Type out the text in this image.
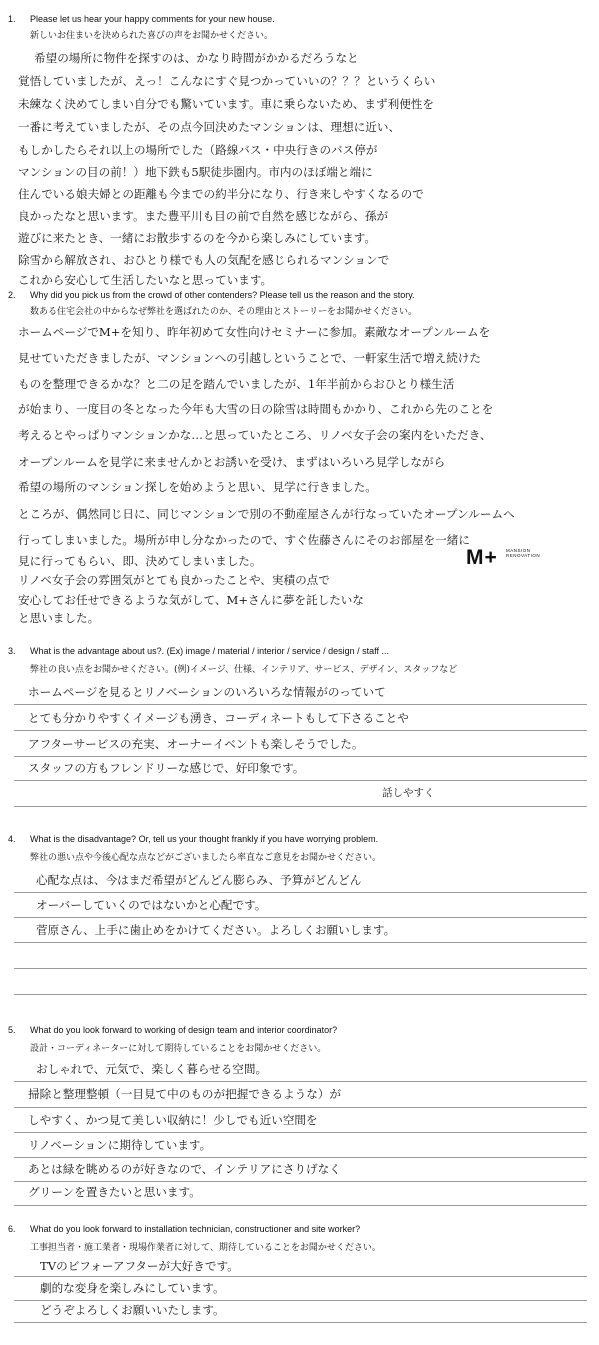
1. Please let us hear your happy comments for your new house.
新しいお住まいを決められた喜びの声をお聞かせください。
希望の場所に物件を探すのは、かなり時間がかかるだろうなと
覚悟していましたが、えっ！こんなにすぐ見つかっていいの？？？というくらい
未練なく決めてしまい自分でも驚いています。車に乗らないため、まず利便性を
一番に考えていましたが、その点今回決めたマンションは、理想に近い、
もしかしたらそれ以上の場所でした（路線バス・中央行きのバス停が
マンションの目の前！）地下鉄も5駅徒歩圏内。市内のほぼ端と端に
住んでいる娘夫婦との距離も今までの約半分になり、行き来しやすくなるので
良かったなと思います。また豊平川も目の前で自然を感じながら、孫が
遊びに来たとき、一緒にお散歩するのを今から楽しみにしています。
除雪から解放され、おひとり様でも人の気配を感じられるマンションで
これから安心して生活したいなと思っています。
2. Why did you pick us from the crowd of other contenders? Please tell us the reason and the story.
数ある住宅会社の中からなぜ弊社を選ばれたのか、その理由とストーリーをお聞かせください。
ホームページでM+を知り、昨年初めて女性向けセミナーに参加。素敵なオープンルームを
見せていただきましたが、マンションへの引越しということで、一軒家生活で増え続けた
ものを整理できるかな？と二の足を踏んでいましたが、1年半前からおひとり様生活
が始まり、一度目の冬となった今年も大雪の日の除雪は時間もかかり、これから先のことを
考えるとやっぱりマンションかな…と思っていたところ、リノベ女子会の案内をいただき、
オープンルームを見学に来ませんかとお誘いを受け、まずはいろいろ見学しながら
希望の場所のマンション探しを始めようと思い、見学に行きました。
ところが、偶然同じ日に、同じマンションで別の不動産屋さんが行なっていたオープンルームへ
行ってしまいました。場所が申し分なかったので、すぐ佐藤さんにそのお部屋を一緒に
見に行ってもらい、即、決めてしまいました。
リノベ女子会の雰囲気がとても良かったことや、実積の点で
安心してお任せできるような気がして、M+さんに夢を託したいな
と思いました。
M+ MANSION
RENOVATION
3. What is the advantage about us?. (Ex) image / material / interior / service / design / staff ...
弊社の良い点をお聞かせください。(例)イメージ、仕様、インテリア、サービス、デザイン、スタッフなど
ホームページを見るとリノベーションのいろいろな情報がのっていて
とても分かりやすくイメージも湧き、コーディネートもして下さることや
アフターサービスの充実、オーナーイベントも楽しそうでした。
スタッフの方もフレンドリーな感じで、好印象です。
話しやすく
4. What is the disadvantage? Or, tell us your thought frankly if you have worrying problem.
弊社の悪い点や今後心配な点などがございましたら率直なご意見をお聞かせください。
心配な点は、今はまだ希望がどんどん膨らみ、予算がどんどん
オーバーしていくのではないかと心配です。
菅原さん、上手に歯止めをかけてください。よろしくお願いします。
5. What do you look forward to working of design team and interior coordinator?
設計・コーディネーターに対して期待していることをお聞かせください。
おしゃれで、元気で、楽しく暮らせる空間。
掃除と整理整頓（一目見て中のものが把握できるような）が
しやすく、かつ見て美しい収納に！少しでも近い空間を
リノベーションに期待しています。
あとは緑を眺めるのが好きなので、インテリアにさりげなく
グリーンを置きたいと思います。
6. What do you look forward to installation technician, constructioner and site worker?
工事担当者・施工業者・現場作業者に対して、期待していることをお聞かせください。
TVのビフォーアフターが大好きです。
劇的な変身を楽しみにしています。
どうぞよろしくお願いいたします。
